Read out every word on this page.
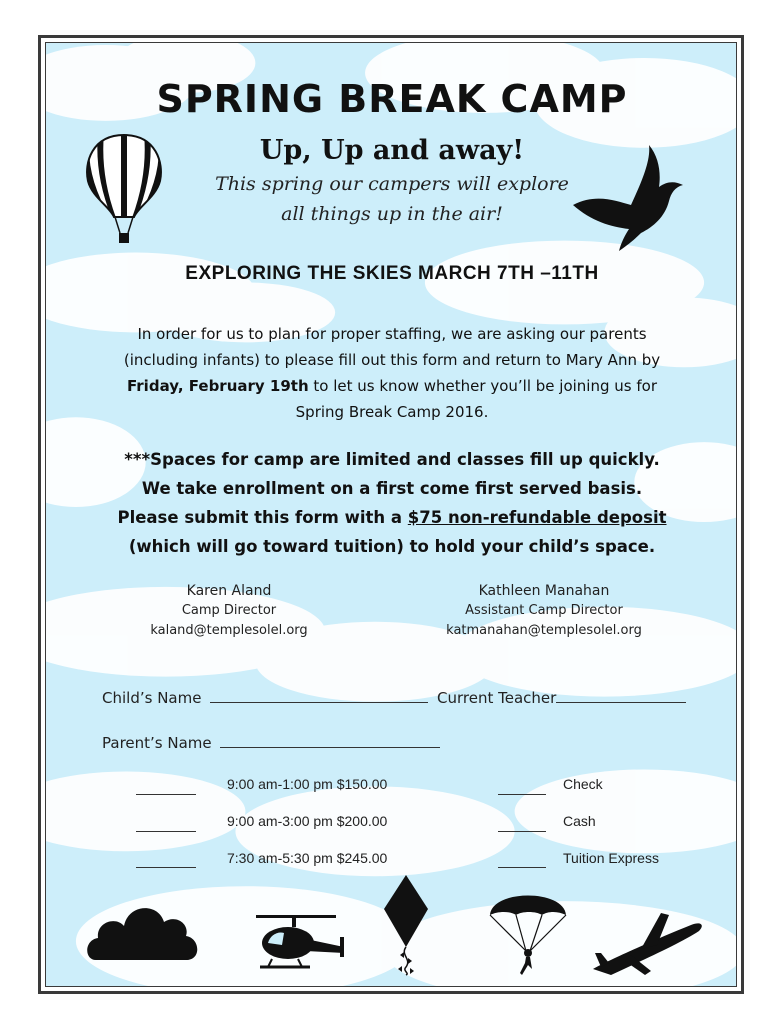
SPRING BREAK CAMP
Up, Up and away!
This spring our campers will explore
all things up in the air!
EXPLORING THE SKIES MARCH 7TH –11TH
In order for us to plan for proper staffing, we are asking our parents
(including infants) to please fill out this form and return to Mary Ann by
Friday, February 19th to let us know whether you’ll be joining us for
Spring Break Camp 2016.
***Spaces for camp are limited and classes fill up quickly.
We take enrollment on a first come first served basis.
Please submit this form with a $75 non-refundable deposit
(which will go toward tuition) to hold your child’s space.
Karen Aland
Camp Director
kaland@templesolel.org
Kathleen Manahan
Assistant Camp Director
katmanahan@templesolel.org
Child’s Name	Current Teacher
Parent’s Name
9:00 am-1:00 pm $150.00
9:00 am-3:00 pm $200.00
7:30 am-5:30 pm $245.00
Check
Cash
Tuition Express
